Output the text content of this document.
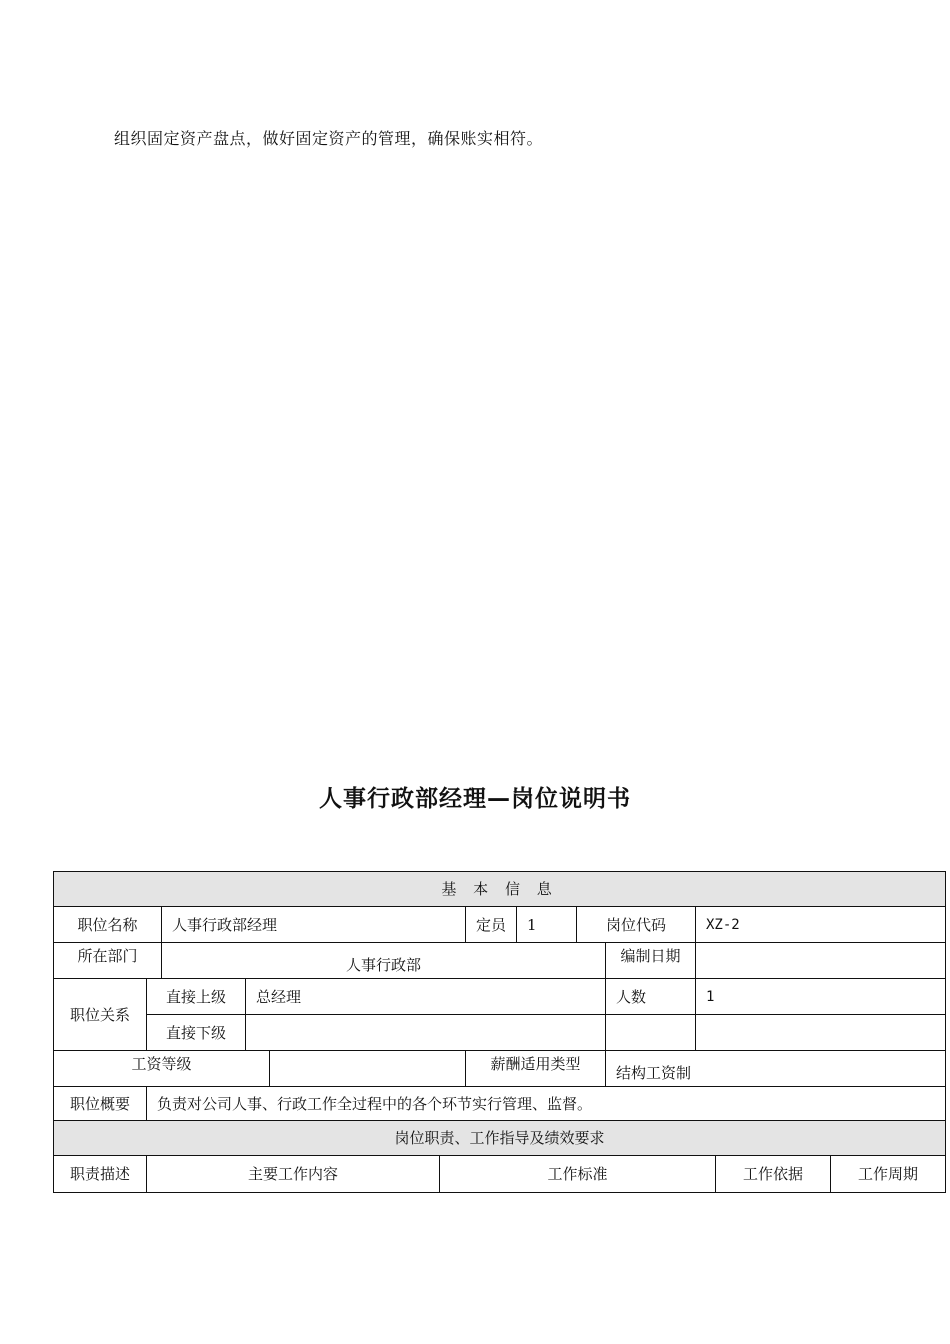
组织固定资产盘点，做好固定资产的管理，确保账实相符。
人事行政部经理—岗位说明书
基 本 信 息												
职位名称		人事行政部经理				定员	1	岗位代码		XZ-2		
所在部门		人事行政部							编制日期			
职位关系	直接上级		总经理						人数	1		
	直接下级											
工资等级						薪酬适用类型			结构工资制			
职位概要	负责对公司人事、行政工作全过程中的各个环节实行管理、监督。											
岗位职责、工作指导及绩效要求												
职责描述	主要工作内容				工作标准						工作依据	工作周期
